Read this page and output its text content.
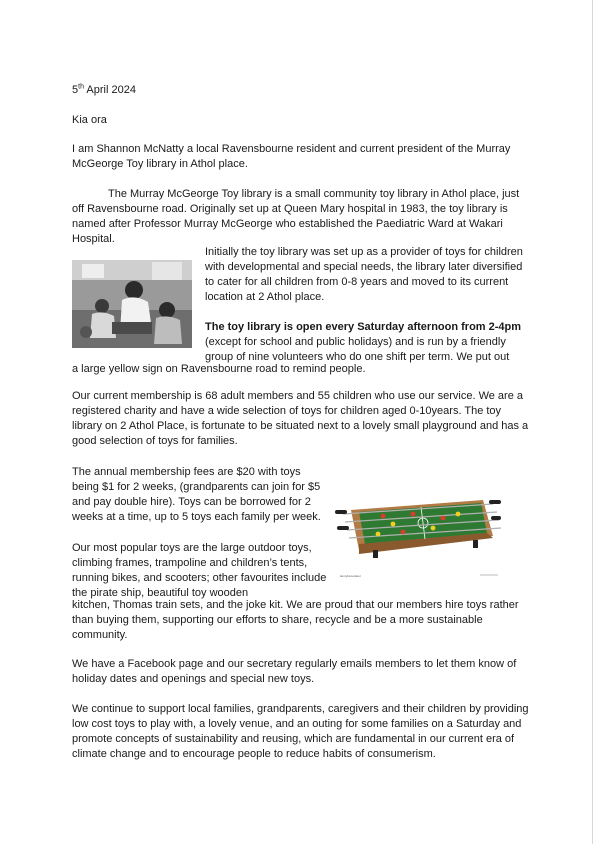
5th April 2024

Kia ora

I am Shannon McNatty a local Ravensbourne resident and current president of the Murray McGeorge Toy library in Athol place.

The Murray McGeorge Toy library is a small community toy library in Athol place, just off Ravensbourne road. Originally set up at Queen Mary hospital in 1983, the toy library is named after Professor Murray McGeorge who established the Paediatric Ward at Wakari Hospital.

Initially the toy library was set up as a provider of toys for children with developmental and special needs, the library later diversified to cater for all children from 0-8 years and moved to its current location at 2 Athol place.

The toy library is open every Saturday afternoon from 2-4pm
(except for school and public holidays) and is run by a friendly group of nine volunteers who do one shift per term. We put out

a large yellow sign on Ravensbourne road to remind people.

Our current membership is 68 adult members and 55 children who use our service. We are a registered charity and have a wide selection of toys for children aged 0-10years. The toy library on 2 Athol Place, is fortunate to be situated next to a lovely small playground and has a good selection of toys for families.

The annual membership fees are $20 with toys being $1 for 2 weeks, (grandparents can join for $5 and pay double hire). Toys can be borrowed for 2 weeks at a time, up to 5 toys each family per week.

lannyforoutdoor

Our most popular toys are the large outdoor toys, climbing frames, trampoline and children’s tents, running bikes, and scooters; other favourites include the pirate ship, beautiful toy wooden

kitchen, Thomas train sets, and the joke kit. We are proud that our members hire toys rather than buying them, supporting our efforts to share, recycle and be a more sustainable community.

We have a Facebook page and our secretary regularly emails members to let them know of holiday dates and openings and special new toys.

We continue to support local families, grandparents, caregivers and their children by providing low cost toys to play with, a lovely venue, and an outing for some families on a Saturday and promote concepts of sustainability and reusing, which are fundamental in our current era of climate change and to encourage people to reduce habits of consumerism.
